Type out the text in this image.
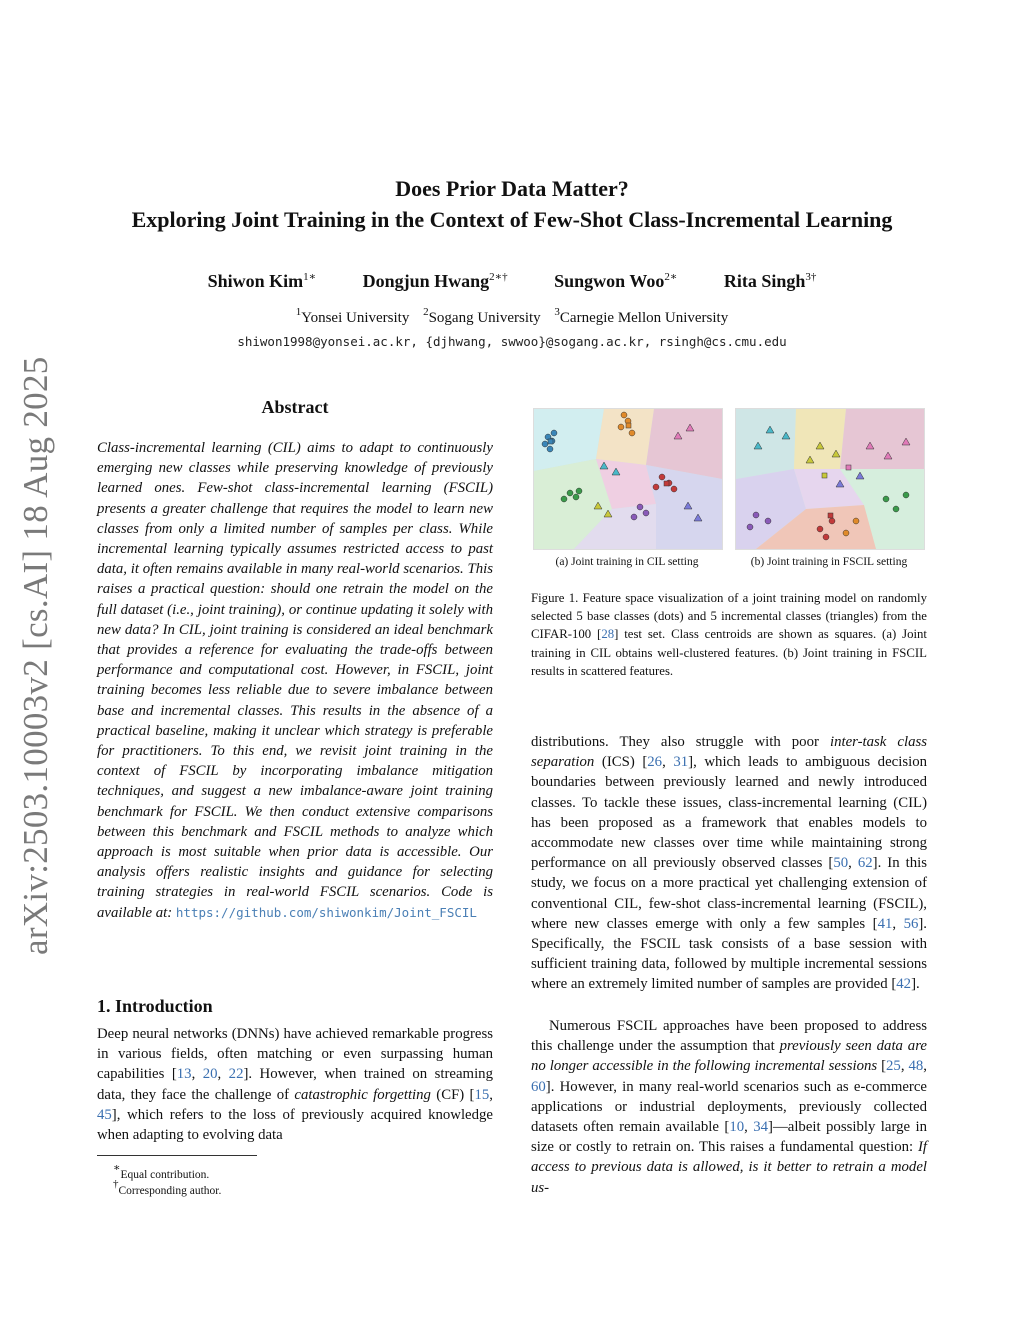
arXiv:2503.10003v2 [cs.AI] 18 Aug 2025
Does Prior Data Matter?
Exploring Joint Training in the Context of Few-Shot Class-Incremental Learning
Shiwon Kim$^{1∗}$	Dongjun Hwang$^{2∗\dagger}$	Sungwon Woo$^{2∗}$	Rita Singh$^{3\dagger}$
$^1$Yonsei University $^2$Sogang University $^3$Carnegie Mellon University
shiwon1998@yonsei.ac.kr, {djhwang, swwoo}@sogang.ac.kr, rsingh@cs.cmu.edu
Abstract
Class-incremental learning (CIL) aims to adapt to continuously emerging new classes while preserving knowledge of previously learned ones. Few-shot class-incremental learning (FSCIL) presents a greater challenge that requires the model to learn new classes from only a limited number of samples per class. While incremental learning typically assumes restricted access to past data, it often remains available in many real-world scenarios. This raises a practical question: should one retrain the model on the full dataset (i.e., joint training), or continue updating it solely with new data? In CIL, joint training is considered an ideal benchmark that provides a reference for evaluating the trade-offs between performance and computational cost. However, in FSCIL, joint training becomes less reliable due to severe imbalance between base and incremental classes. This results in the absence of a practical baseline, making it unclear which strategy is preferable for practitioners. To this end, we revisit joint training in the context of FSCIL by incorporating imbalance mitigation techniques, and suggest a new imbalance-aware joint training benchmark for FSCIL. We then conduct extensive comparisons between this benchmark and FSCIL methods to analyze which approach is most suitable when prior data is accessible. Our analysis offers realistic insights and guidance for selecting training strategies in real-world FSCIL scenarios. Code is available at: https://github.com/shiwonkim/Joint_FSCIL
1. Introduction
Deep neural networks (DNNs) have achieved remarkable progress in various fields, often matching or even surpassing human capabilities [13, 20, 22]. However, when trained on streaming data, they face the challenge of catastrophic forgetting (CF) [15, 45], which refers to the loss of previously acquired knowledge when adapting to evolving data
∗Equal contribution.
†Corresponding author.
(a) Joint training in CIL setting	(b) Joint training in FSCIL setting
Figure 1. Feature space visualization of a joint training model on randomly selected 5 base classes (dots) and 5 incremental classes (triangles) from the CIFAR-100 [28] test set. Class centroids are shown as squares. (a) Joint training in CIL obtains well-clustered features. (b) Joint training in FSCIL results in scattered features.
distributions. They also struggle with poor inter-task class separation (ICS) [26, 31], which leads to ambiguous decision boundaries between previously learned and newly introduced classes. To tackle these issues, class-incremental learning (CIL) has been proposed as a framework that enables models to accommodate new classes over time while maintaining strong performance on all previously observed classes [50, 62]. In this study, we focus on a more practical yet challenging extension of conventional CIL, few-shot class-incremental learning (FSCIL), where new classes emerge with only a few samples [41, 56]. Specifically, the FSCIL task consists of a base session with sufficient training data, followed by multiple incremental sessions where an extremely limited number of samples are provided [42].
Numerous FSCIL approaches have been proposed to address this challenge under the assumption that previously seen data are no longer accessible in the following incremental sessions [25, 48, 60]. However, in many real-world scenarios such as e-commerce applications or industrial deployments, previously collected datasets often remain available [10, 34]—albeit possibly large in size or costly to retrain on. This raises a fundamental question: If access to previous data is allowed, is it better to retrain a model us-
